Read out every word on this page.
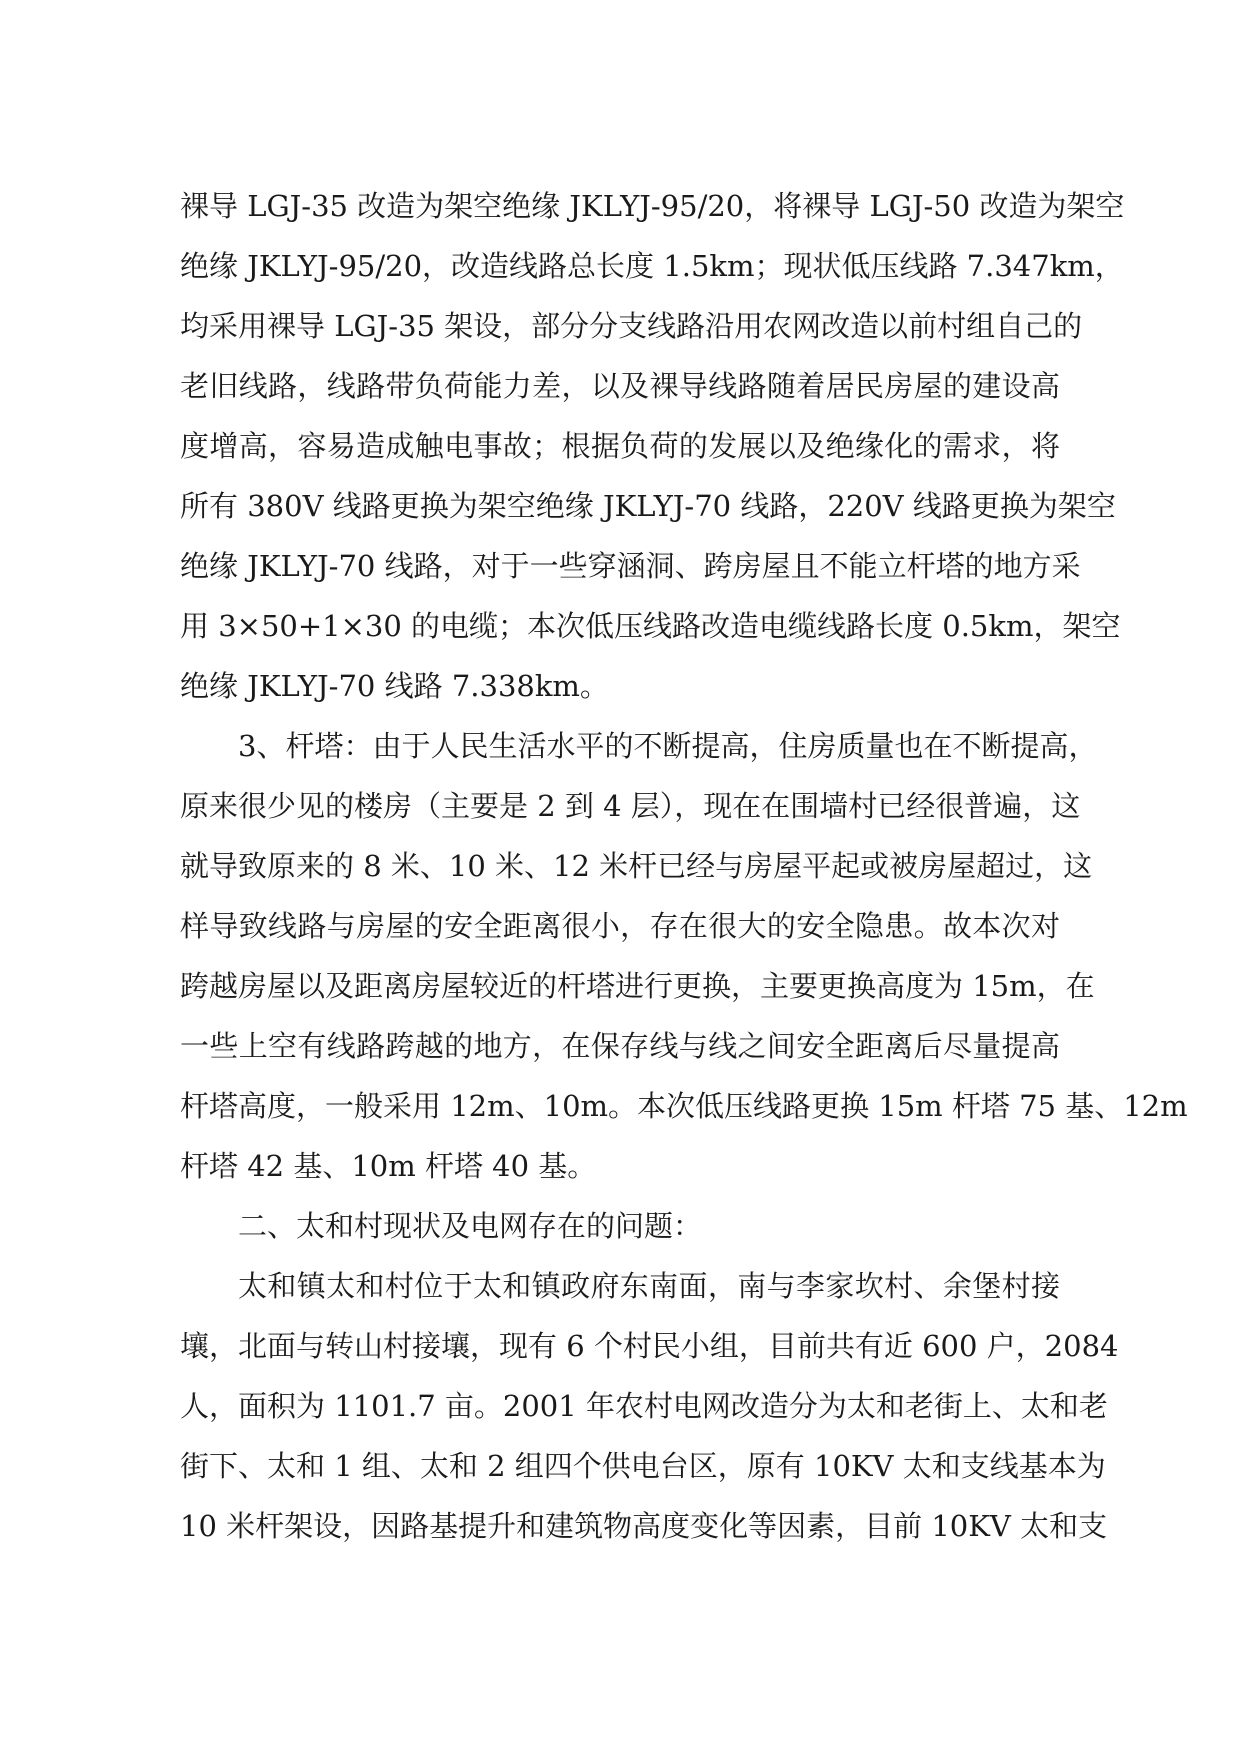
裸导 LGJ-35 改造为架空绝缘 JKLYJ-95/20，将裸导 LGJ-50 改造为架空
绝缘 JKLYJ-95/20，改造线路总长度 1.5km；现状低压线路 7.347km，
均采用裸导 LGJ-35 架设，部分分支线路沿用农网改造以前村组自己的
老旧线路，线路带负荷能力差，以及裸导线路随着居民房屋的建设高
度增高，容易造成触电事故；根据负荷的发展以及绝缘化的需求，将
所有 380V 线路更换为架空绝缘 JKLYJ-70 线路，220V 线路更换为架空
绝缘 JKLYJ-70 线路，对于一些穿涵洞、跨房屋且不能立杆塔的地方采
用 3×50+1×30 的电缆；本次低压线路改造电缆线路长度 0.5km，架空
绝缘 JKLYJ-70 线路 7.338km。
3、杆塔：由于人民生活水平的不断提高，住房质量也在不断提高，
原来很少见的楼房（主要是 2 到 4 层），现在在围墙村已经很普遍，这
就导致原来的 8 米、10 米、12 米杆已经与房屋平起或被房屋超过，这
样导致线路与房屋的安全距离很小，存在很大的安全隐患。故本次对
跨越房屋以及距离房屋较近的杆塔进行更换，主要更换高度为 15m，在
一些上空有线路跨越的地方，在保存线与线之间安全距离后尽量提高
杆塔高度，一般采用 12m、10m。本次低压线路更换 15m 杆塔 75 基、12m
杆塔 42 基、10m 杆塔 40 基。
二、太和村现状及电网存在的问题：
太和镇太和村位于太和镇政府东南面，南与李家坎村、余堡村接
壤，北面与转山村接壤，现有 6 个村民小组，目前共有近 600 户，2084
人，面积为 1101.7 亩。2001 年农村电网改造分为太和老街上、太和老
街下、太和 1 组、太和 2 组四个供电台区，原有 10KV 太和支线基本为
10 米杆架设，因路基提升和建筑物高度变化等因素，目前 10KV 太和支
